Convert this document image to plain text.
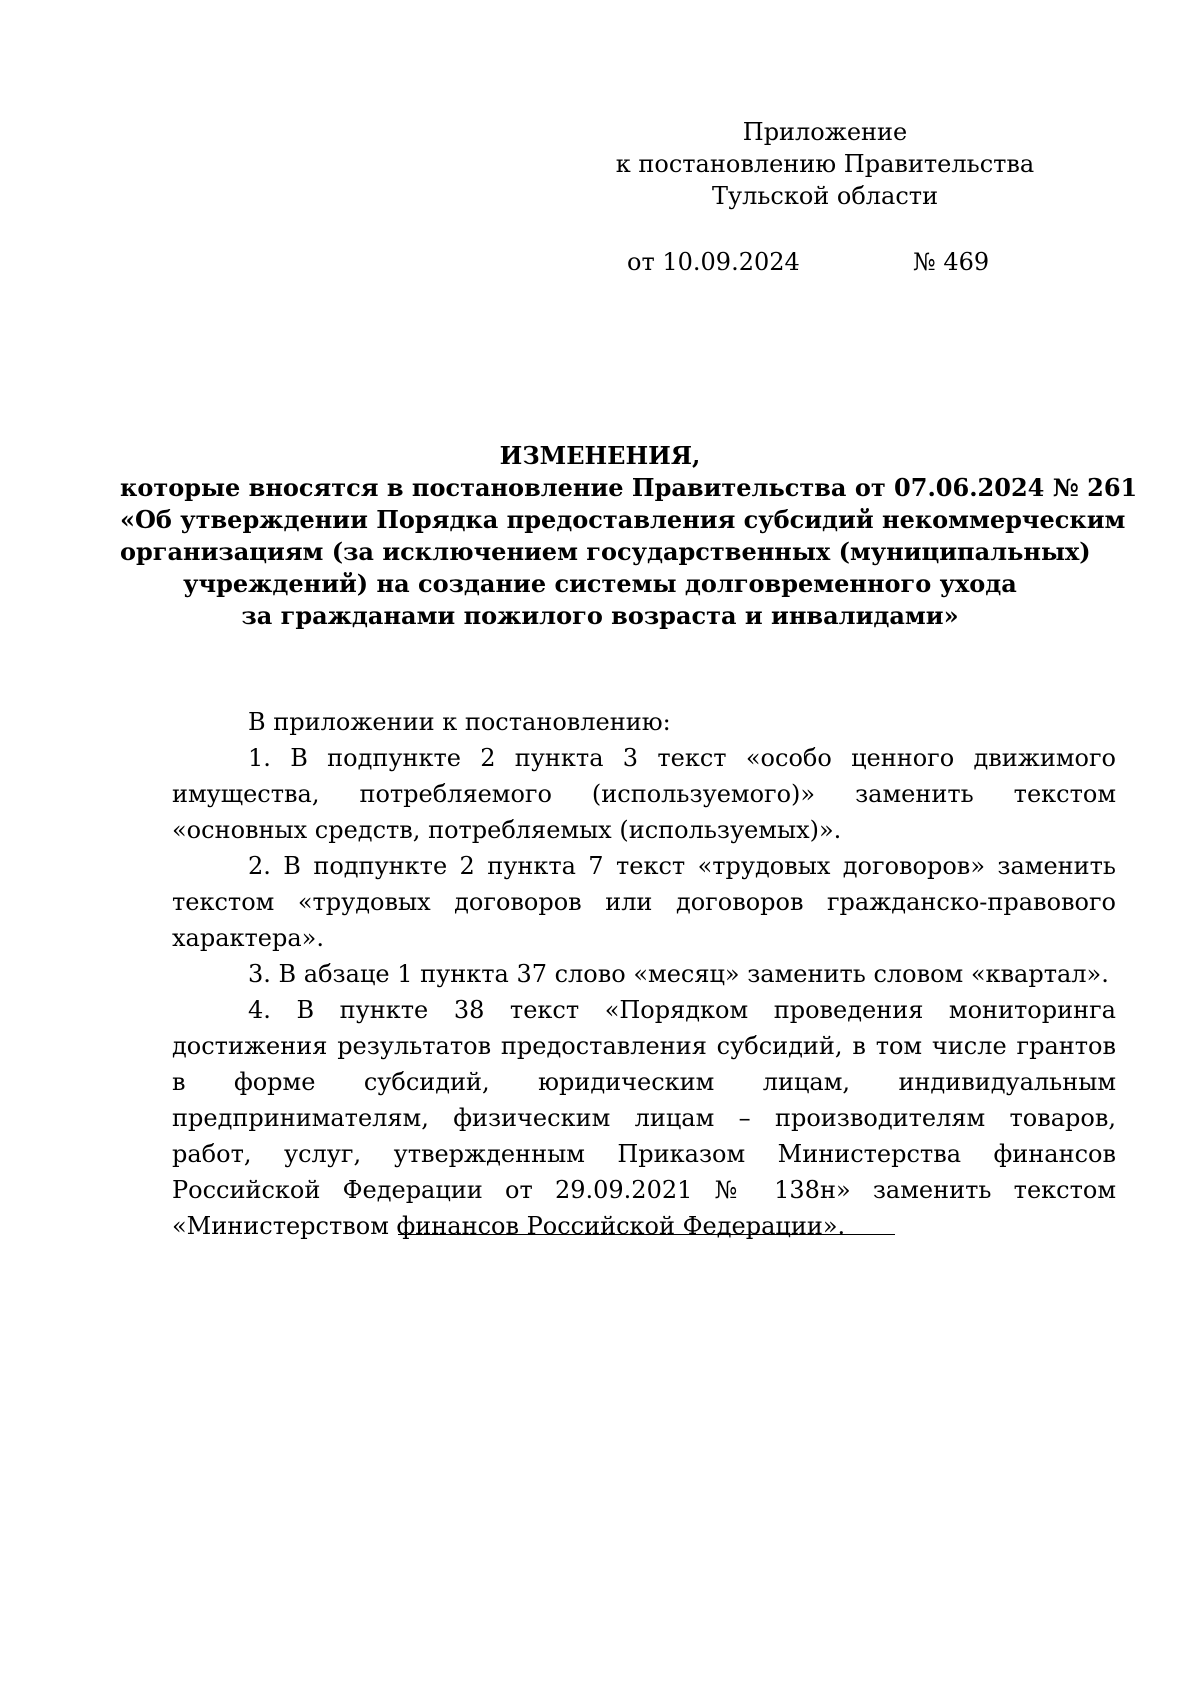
Приложение
к постановлению Правительства
Тульской области
от 10.09.2024	№ 469
ИЗМЕНЕНИЯ,
которые вносятся в постановление Правительства от 07.06.2024 № 261
«Об утверждении Порядка предоставления субсидий некоммерческим
организациям (за исключением государственных (муниципальных)
учреждений) на создание системы долговременного ухода
за гражданами пожилого возраста и инвалидами»

В приложении к постановлению:

1. В подпункте 2 пункта 3 текст «особо ценного движимого имущества, потребляемого (используемого)» заменить текстом «основных средств, потребляемых (используемых)».

2. В подпункте 2 пункта 7 текст «трудовых договоров» заменить текстом «трудовых договоров или договоров гражданско-правового характера».

3. В абзаце 1 пункта 37 слово «месяц» заменить словом «квартал».

4. В пункте 38 текст «Порядком проведения мониторинга достижения результатов предоставления субсидий, в том числе грантов в форме субсидий, юридическим лицам, индивидуальным предпринимателям, физическим лицам – производителям товаров, работ, услуг, утвержденным Приказом Министерства финансов Российской Федерации от 29.09.2021 № 138н» заменить текстом «Министерством финансов Российской Федерации».
